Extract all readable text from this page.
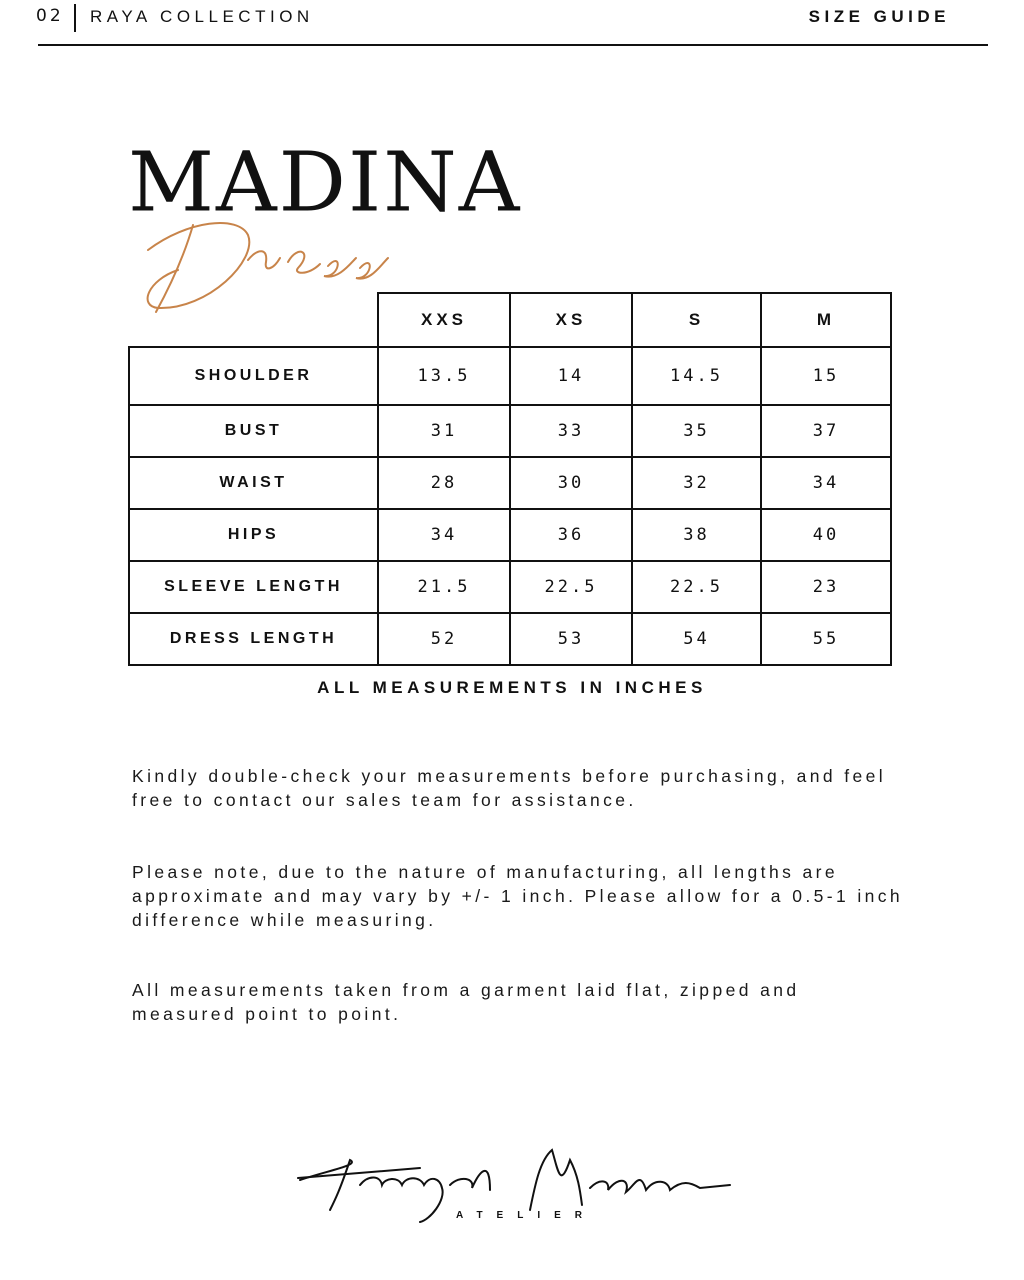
02 RAYA COLLECTION	SIZE GUIDE
MADINA
	XXS	XS	S	M
SHOULDER	13.5	14	14.5	15
BUST	31	33	35	37
WAIST	28	30	32	34
HIPS	34	36	38	40
SLEEVE LENGTH	21.5	22.5	22.5	23
DRESS LENGTH	52	53	54	55
ALL MEASUREMENTS IN INCHES
Kindly double-check your measurements before purchasing, and feel free to contact our sales team for assistance.
Please note, due to the nature of manufacturing, all lengths are approximate and may vary by +/- 1 inch. Please allow for a 0.5-1 inch difference while measuring.
All measurements taken from a garment laid flat, zipped and measured point to point.
ATELIER
